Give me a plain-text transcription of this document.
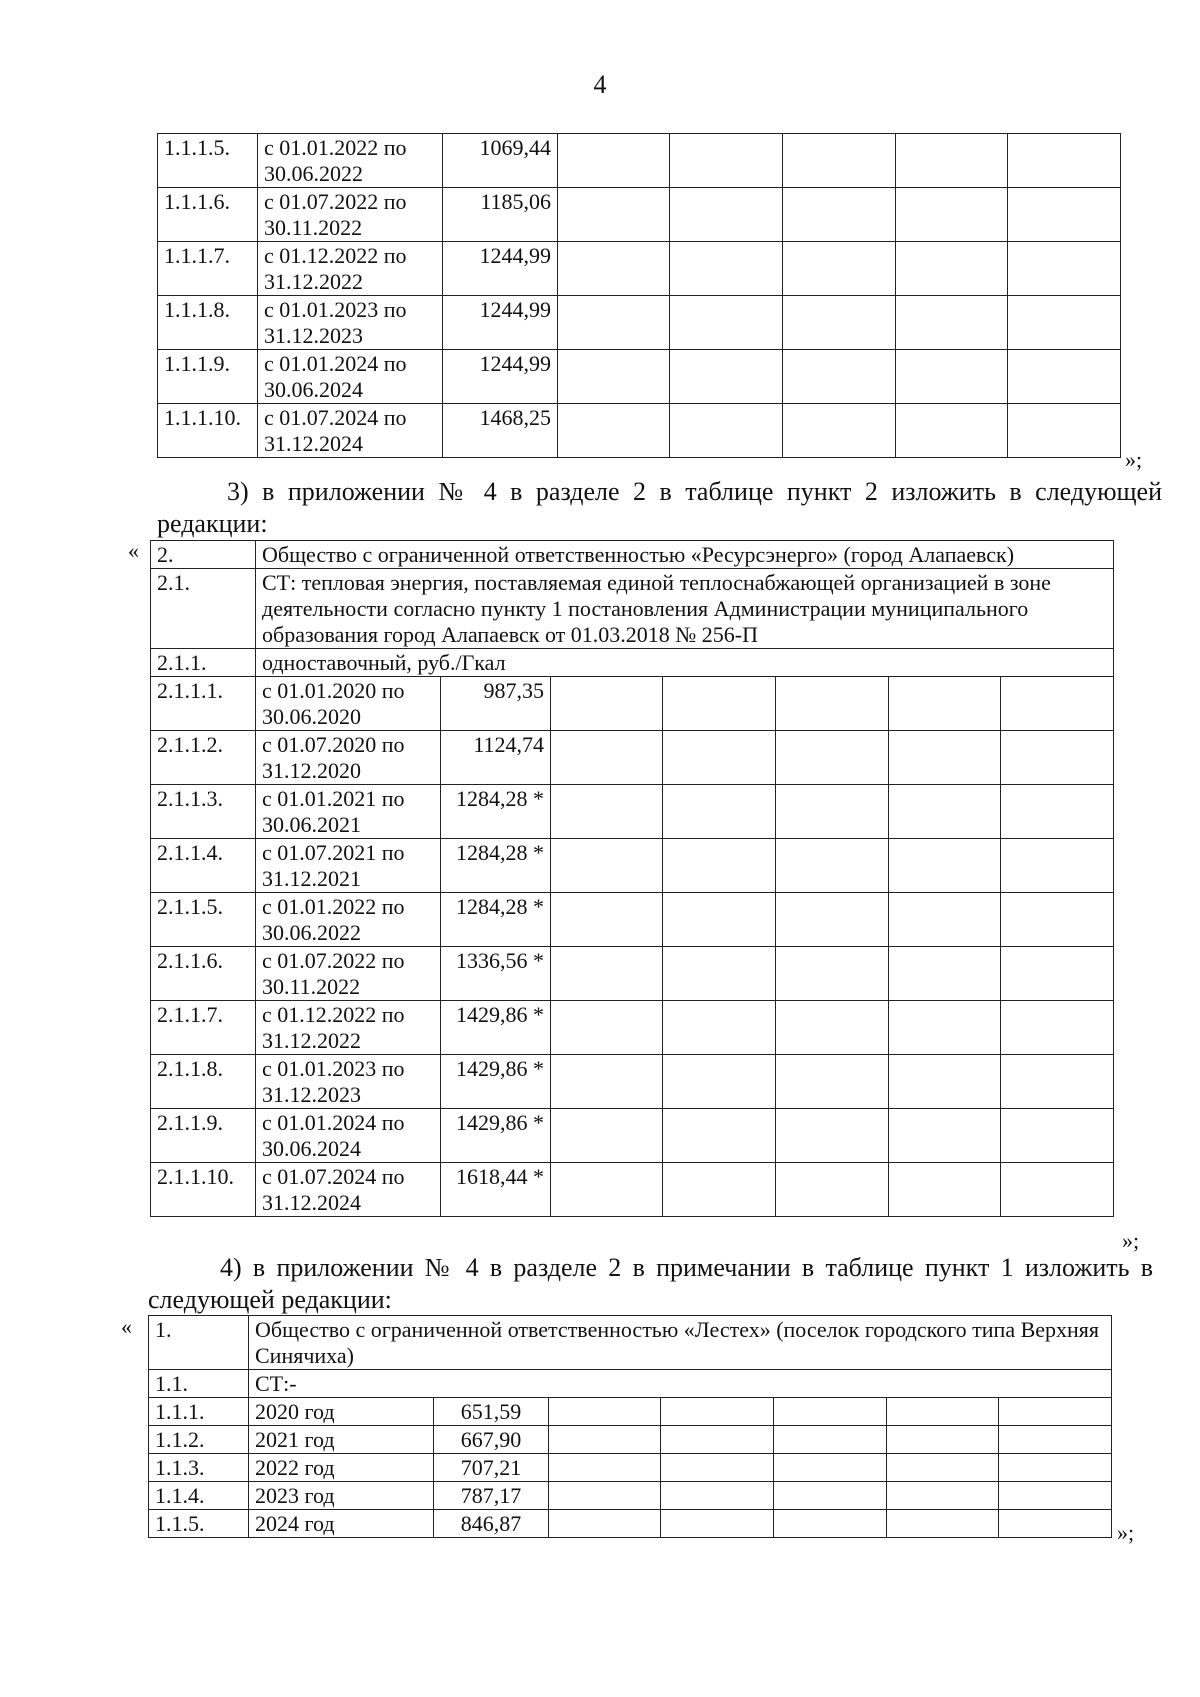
4
1.1.1.5.	с 01.01.2022 по 30.06.2022	1069,44					
1.1.1.6.	с 01.07.2022 по 30.11.2022	1185,06					
1.1.1.7.	с 01.12.2022 по 31.12.2022	1244,99					
1.1.1.8.	с 01.01.2023 по 31.12.2023	1244,99					
1.1.1.9.	с 01.01.2024 по 30.06.2024	1244,99					
1.1.1.10.	с 01.07.2024 по 31.12.2024	1468,25					
»;
3) в приложении № 4 в разделе 2 в таблице пункт 2 изложить в следующей редакции:
« 2.	Общество с ограниченной ответственностью «Ресурсэнерго» (город Алапаевск)						
2.1.	СТ: тепловая энергия, поставляемая единой теплоснабжающей организацией в зоне деятельности согласно пункту 1 постановления Администрации муниципального образования город Алапаевск от 01.03.2018 № 256-П						
2.1.1.	одноставочный, руб./Гкал						
2.1.1.1.	с 01.01.2020 по 30.06.2020	987,35					
2.1.1.2.	с 01.07.2020 по 31.12.2020	1124,74					
2.1.1.3.	с 01.01.2021 по 30.06.2021	1284,28 *					
2.1.1.4.	с 01.07.2021 по 31.12.2021	1284,28 *					
2.1.1.5.	с 01.01.2022 по 30.06.2022	1284,28 *					
2.1.1.6.	с 01.07.2022 по 30.11.2022	1336,56 *					
2.1.1.7.	с 01.12.2022 по 31.12.2022	1429,86 *					
2.1.1.8.	с 01.01.2023 по 31.12.2023	1429,86 *					
2.1.1.9.	с 01.01.2024 по 30.06.2024	1429,86 *					
2.1.1.10.	с 01.07.2024 по 31.12.2024	1618,44 *					
»;
4) в приложении № 4 в разделе 2 в примечании в таблице пункт 1 изложить в следующей редакции:
« 1.	Общество с ограниченной ответственностью «Лестех» (поселок городского типа Верхняя Синячиха)						
1.1.	СТ:-						
1.1.1.	2020 год	651,59					
1.1.2.	2021 год	667,90					
1.1.3.	2022 год	707,21					
1.1.4.	2023 год	787,17					
1.1.5.	2024 год	846,87						»;
